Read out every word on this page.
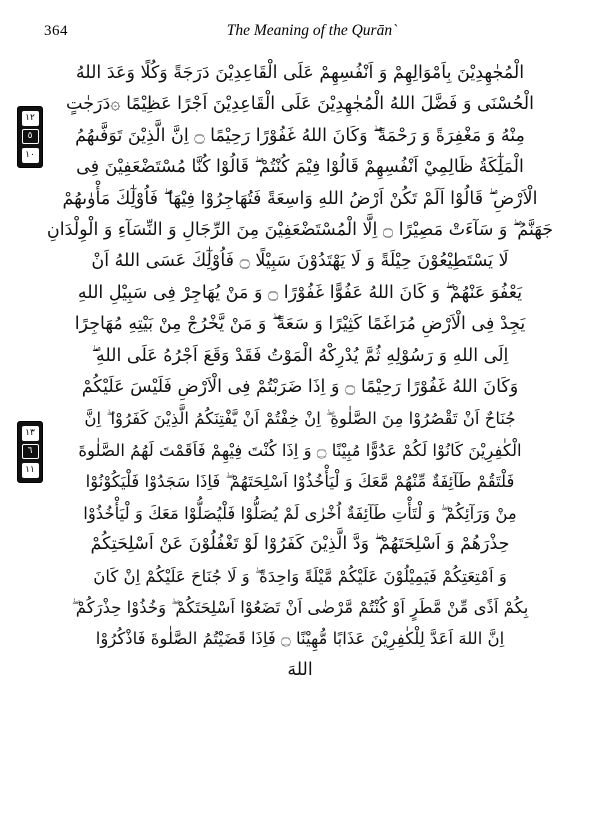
364	The Meaning of the Qurān`
١٢
٥
١٠
١٣
٦
١١
الْمُجٰهِدِيْنَ بِاَمْوَالِهِمْ وَ اَنْفُسِهِمْ عَلَى الْقَاعِدِيْنَ دَرَجَةً وَكُلًا وَعَدَ اللهُ
الْحُسْنَى وَ فَضَّلَ اللهُ الْمُجٰهِدِيْنَ عَلَى الْقَاعِدِيْنَ اَجْرًا عَظِيْمًا ۞دَرَجٰتٍ
مِنْهُ وَ مَغْفِرَةً وَ رَحْمَةً ۖ وَكَانَ اللهُ غَفُوْرًا رَحِيْمًا ۝ اِنَّ الَّذِيْنَ تَوَفَّىهُمُ
الْمَلِٰٓكَةُ ظَالِمِيْ اَنْفُسِهِمْ قَالُوْا فِيْمَ كُنْتُمْ ۖ قَالُوْا كُنَّا مُسْتَضْعَفِيْنَ فِى
الْاَرْضِ ۖ قَالُوْا اَلَمْ تَكُنْ اَرْضُ اللهِ وَاسِعَةً فَتُهَاجِرُوْا فِيْهَا ۖ فَاُوْلِٰٓكَ مَأْوٰىهُمْ
جَهَنَّمُ ۖ وَ سَآءَتْ مَصِيْرًا ۝ اِلَّا الْمُسْتَضْعَفِيْنَ مِنَ الرِّجَالِ وَ النِّسَآءِ وَ الْوِلْدَانِ
لَا يَسْتَطِيْعُوْنَ حِيْلَةً وَ لَا يَهْتَدُوْنَ سَبِيْلًا ۝ فَاُوْلِٰٓكَ عَسَى اللهُ اَنْ
يَعْفُوَ عَنْهُمْ ۖ وَ كَانَ اللهُ عَفُوًّا غَفُوْرًا ۝ وَ مَنْ يُهَاجِرْ فِى سَبِيْلِ اللهِ
يَجِدْ فِى الْاَرْضِ مُرَاغَمًا كَثِيْرًا وَ سَعَةً ۖ وَ مَنْ يَّخْرُجْ مِنْ بَيْتِهِ مُهَاجِرًا
اِلَى اللهِ وَ رَسُوْلِهِ ثُمَّ يُدْرِكْهُ الْمَوْتُ فَقَدْ وَقَعَ اَجْرُهُ عَلَى اللهِ ۖ
وَكَانَ اللهُ غَفُوْرًا رَحِيْمًا ۝ وَ اِذَا ضَرَبْتُمْ فِى الْاَرْضِ فَلَيْسَ عَلَيْكُمْ
جُنَاحٌ اَنْ تَقْصُرُوْا مِنَ الصَّلٰوةِ ۖ اِنْ خِفْتُمْ اَنْ يَّفْتِنَكُمُ الَّذِيْنَ كَفَرُوْا ۖ اِنَّ
الْكٰفِرِيْنَ كَانُوْا لَكُمْ عَدُوًّا مُبِيْنًا ۝ وَ اِذَا كُنْتَ فِيْهِمْ فَاَقَمْتَ لَهُمُ الصَّلٰوةَ
فَلْتَقُمْ طَآئِفَةٌ مِّنْهُمْ مَّعَكَ وَ لْيَأْخُذُوْا اَسْلِحَتَهُمْ ۖ فَاِذَا سَجَدُوْا فَلْيَكُوْنُوْا
مِنْ وَرَآئِكُمْ ۖ وَ لْتَأْتِ طَآئِفَةٌ اُخْرٰى لَمْ يُصَلُّوْا فَلْيُصَلُّوْا مَعَكَ وَ لْيَأْخُذُوْا
حِذْرَهُمْ وَ اَسْلِحَتَهُمْ ۖ وَدَّ الَّذِيْنَ كَفَرُوْا لَوْ تَغْفُلُوْنَ عَنْ اَسْلِحَتِكُمْ
وَ اَمْتِعَتِكُمْ فَيَمِيْلُوْنَ عَلَيْكُمْ مَّيْلَةً وَاحِدَةً ۖ وَ لَا جُنَاحَ عَلَيْكُمْ اِنْ كَانَ
بِكُمْ اَذًى مِّنْ مَّطَرٍ اَوْ كُنْتُمْ مَّرْضٰى اَنْ تَضَعُوْا اَسْلِحَتَكُمْ ۖ وَخُذُوْا حِذْرَكُمْ ۖ
اِنَّ اللهَ اَعَدَّ لِلْكٰفِرِيْنَ عَذَابًا مُّهِيْنًا ۝ فَاِذَا قَضَيْتُمُ الصَّلٰوةَ فَاذْكُرُوْا
اللهَ
